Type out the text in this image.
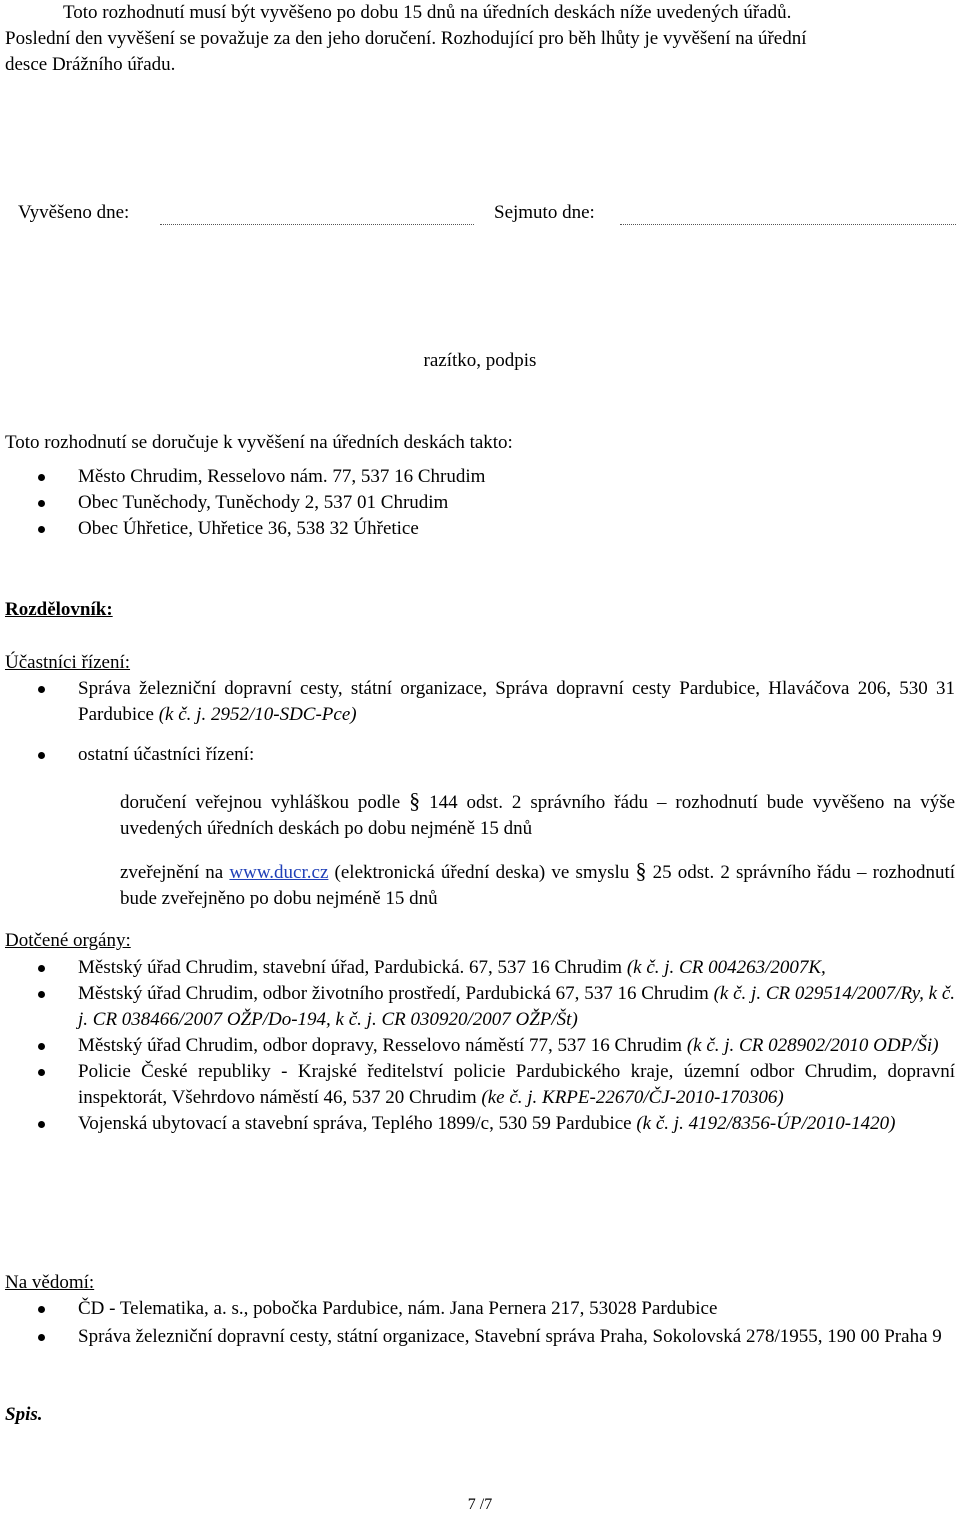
Toto rozhodnutí musí být vyvěšeno po dobu 15 dnů na úředních deskách níže uvedených úřadů.

Poslední den vyvěšení se považuje za den jeho doručení. Rozhodující pro běh lhůty je vyvěšení na úřední
desce Drážního úřadu.
Vyvěšeno dne:	Sejmuto dne:
razítko, podpis
Toto rozhodnutí se doručuje k vyvěšení na úředních deskách takto:
Město Chrudim, Resselovo nám. 77, 537 16 Chrudim
Obec Tuněchody, Tuněchody 2, 537 01 Chrudim
Obec Úhřetice, Uhřetice 36, 538 32 Úhřetice
Rozdělovník:
Účastníci řízení:
Správa železniční dopravní cesty, státní organizace, Správa dopravní cesty Pardubice, Hlaváčova 206, 530 31 Pardubice (k č. j. 2952/10-SDC-Pce)
ostatní účastníci řízení:

doručení veřejnou vyhláškou podle § 144 odst. 2 správního řádu – rozhodnutí bude vyvěšeno na výše uvedených úředních deskách po dobu nejméně 15 dnů

zveřejnění na www.ducr.cz (elektronická úřední deska) ve smyslu § 25 odst. 2 správního řádu – rozhodnutí bude zveřejněno po dobu nejméně 15 dnů

Dotčené orgány:
Městský úřad Chrudim, stavební úřad, Pardubická. 67, 537 16 Chrudim (k č. j. CR 004263/2007K,
Městský úřad Chrudim, odbor životního prostředí, Pardubická 67, 537 16 Chrudim (k č. j. CR 029514/2007/Ry, k č. j. CR 038466/2007 OŽP/Do-194, k č. j. CR 030920/2007 OŽP/Št)
Městský úřad Chrudim, odbor dopravy, Resselovo náměstí 77, 537 16 Chrudim (k č. j. CR 028902/2010 ODP/Ši)
Policie České republiky - Krajské ředitelství policie Pardubického kraje, územní odbor Chrudim, dopravní inspektorát, Všehrdovo náměstí 46, 537 20 Chrudim (ke č. j. KRPE-22670/ČJ-2010-170306)
Vojenská ubytovací a stavební správa, Teplého 1899/c, 530 59 Pardubice (k č. j. 4192/8356-ÚP/2010-1420)
Na vědomí:
ČD - Telematika, a. s., pobočka Pardubice, nám. Jana Pernera 217, 53028 Pardubice
Správa železniční dopravní cesty, státní organizace, Stavební správa Praha, Sokolovská 278/1955, 190 00 Praha 9
Spis.
7 /7
